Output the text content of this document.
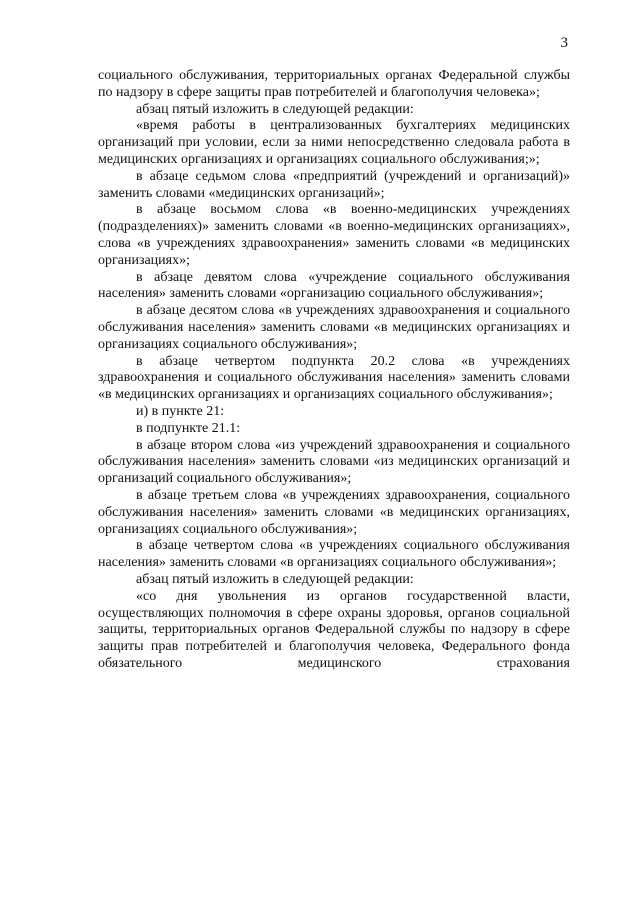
3

социального обслуживания, территориальных органах Федеральной службы по надзору в сфере защиты прав потребителей и благополучия человека»;

абзац пятый изложить в следующей редакции:

«время работы в централизованных бухгалтериях медицинских организаций при условии, если за ними непосредственно следовала работа в медицинских организациях и организациях социального обслуживания;»;

в абзаце седьмом слова «предприятий (учреждений и организаций)» заменить словами «медицинских организаций»;

в абзаце восьмом слова «в военно-медицинских учреждениях (подразделениях)» заменить словами «в военно-медицинских организациях», слова «в учреждениях здравоохранения» заменить словами «в медицинских организациях»;

в абзаце девятом слова «учреждение социального обслуживания населения» заменить словами «организацию социального обслуживания»;

в абзаце десятом слова «в учреждениях здравоохранения и социального обслуживания населения» заменить словами «в медицинских организациях и организациях социального обслуживания»;

в абзаце четвертом подпункта 20.2 слова «в учреждениях здравоохранения и социального обслуживания населения» заменить словами «в медицинских организациях и организациях социального обслуживания»;

и) в пункте 21:

в подпункте 21.1:

в абзаце втором слова «из учреждений здравоохранения и социального обслуживания населения» заменить словами «из медицинских организаций и организаций социального обслуживания»;

в абзаце третьем слова «в учреждениях здравоохранения, социального обслуживания населения» заменить словами «в медицинских организациях, организациях социального обслуживания»;

в абзаце четвертом слова «в учреждениях социального обслуживания населения» заменить словами «в организациях социального обслуживания»;

абзац пятый изложить в следующей редакции:

«со дня увольнения из органов государственной власти, осуществляющих полномочия в сфере охраны здоровья, органов социальной защиты, территориальных органов Федеральной службы по надзору в сфере защиты прав потребителей и благополучия человека, Федерального фонда обязательного медицинского страхования
